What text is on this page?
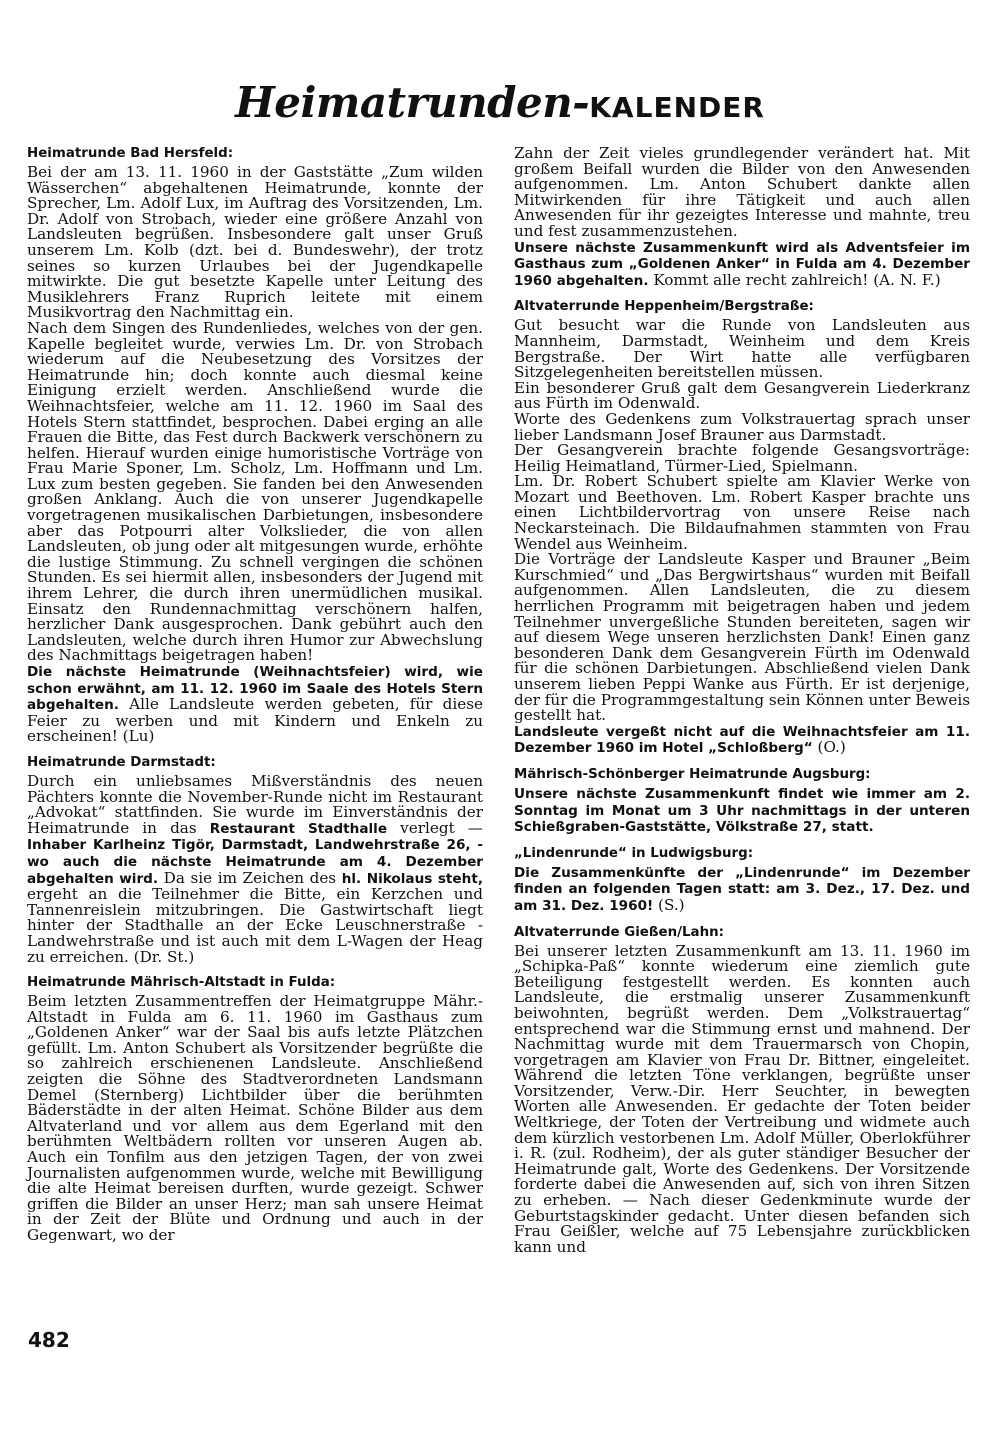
Heimatrunden-KALENDER
Heimatrunde Bad Hersfeld:

Bei der am 13. 11. 1960 in der Gaststätte „Zum wilden Wässerchen“ abgehaltenen Heimatrunde, konnte der Sprecher, Lm. Adolf Lux, im Auftrag des Vorsitzenden, Lm. Dr. Adolf von Strobach, wieder eine größere Anzahl von Landsleuten begrüßen. Insbesondere galt unser Gruß unserem Lm. Kolb (dzt. bei d. Bundeswehr), der trotz seines so kurzen Urlaubes bei der Jugendkapelle mitwirkte. Die gut besetzte Kapelle unter Leitung des Musiklehrers Franz Ruprich leitete mit einem Musikvortrag den Nachmittag ein.

Nach dem Singen des Rundenliedes, welches von der gen. Kapelle begleitet wurde, verwies Lm. Dr. von Strobach wiederum auf die Neubesetzung des Vorsitzes der Heimatrunde hin; doch konnte auch diesmal keine Einigung erzielt werden. Anschließend wurde die Weihnachtsfeier, welche am 11. 12. 1960 im Saal des Hotels Stern stattfindet, besprochen. Dabei erging an alle Frauen die Bitte, das Fest durch Backwerk verschönern zu helfen. Hierauf wurden einige humoristische Vorträge von Frau Marie Sponer, Lm. Scholz, Lm. Hoffmann und Lm. Lux zum besten gegeben. Sie fanden bei den Anwesenden großen Anklang. Auch die von unserer Jugendkapelle vorgetragenen musikalischen Darbietungen, insbesondere aber das Potpourri alter Volkslieder, die von allen Landsleuten, ob jung oder alt mitgesungen wurde, erhöhte die lustige Stimmung. Zu schnell vergingen die schönen Stunden. Es sei hiermit allen, insbesonders der Jugend mit ihrem Lehrer, die durch ihren unermüdlichen musikal. Einsatz den Rundennachmittag verschönern halfen, herzlicher Dank ausgesprochen. Dank gebührt auch den Landsleuten, welche durch ihren Humor zur Abwechslung des Nachmittags beigetragen haben!

Die nächste Heimatrunde (Weihnachtsfeier) wird, wie schon erwähnt, am 11. 12. 1960 im Saale des Hotels Stern abgehalten. Alle Landsleute werden gebeten, für diese Feier zu werben und mit Kindern und Enkeln zu erscheinen! (Lu)

Heimatrunde Darmstadt:

Durch ein unliebsames Mißverständnis des neuen Pächters konnte die November-Runde nicht im Restaurant „Advokat“ stattfinden. Sie wurde im Einverständnis der Heimatrunde in das Restaurant Stadthalle verlegt — Inhaber Karlheinz Tigör, Darmstadt, Landwehrstraße 26, - wo auch die nächste Heimatrunde am 4. Dezember abgehalten wird. Da sie im Zeichen des hl. Nikolaus steht, ergeht an die Teilnehmer die Bitte, ein Kerzchen und Tannenreislein mitzubringen. Die Gastwirtschaft liegt hinter der Stadthalle an der Ecke Leuschnerstraße - Landwehrstraße und ist auch mit dem L-Wagen der Heag zu erreichen. (Dr. St.)

Heimatrunde Mährisch-Altstadt in Fulda:

Beim letzten Zusammentreffen der Heimatgruppe Mähr.-Altstadt in Fulda am 6. 11. 1960 im Gasthaus zum „Goldenen Anker“ war der Saal bis aufs letzte Plätzchen gefüllt. Lm. Anton Schubert als Vorsitzender begrüßte die so zahlreich erschienenen Landsleute. Anschließend zeigten die Söhne des Stadtverordneten Landsmann Demel (Sternberg) Lichtbilder über die berühmten Bäderstädte in der alten Heimat. Schöne Bilder aus dem Altvaterland und vor allem aus dem Egerland mit den berühmten Weltbädern rollten vor unseren Augen ab. Auch ein Tonfilm aus den jetzigen Tagen, der von zwei Journalisten aufgenommen wurde, welche mit Bewilligung die alte Heimat bereisen durften, wurde gezeigt. Schwer griffen die Bilder an unser Herz; man sah unsere Heimat in der Zeit der Blüte und Ordnung und auch in der Gegenwart, wo der

Zahn der Zeit vieles grundlegender verändert hat. Mit großem Beifall wurden die Bilder von den Anwesenden aufgenommen. Lm. Anton Schubert dankte allen Mitwirkenden für ihre Tätigkeit und auch allen Anwesenden für ihr gezeigtes Interesse und mahnte, treu und fest zusammenzustehen.

Unsere nächste Zusammenkunft wird als Adventsfeier im Gasthaus zum „Goldenen Anker“ in Fulda am 4. Dezember 1960 abgehalten. Kommt alle recht zahlreich! (A. N. F.)

Altvaterrunde Heppenheim/Bergstraße:

Gut besucht war die Runde von Landsleuten aus Mannheim, Darmstadt, Weinheim und dem Kreis Bergstraße. Der Wirt hatte alle verfügbaren Sitzgelegenheiten bereitstellen müssen.

Ein besonderer Gruß galt dem Gesangverein Liederkranz aus Fürth im Odenwald.

Worte des Gedenkens zum Volkstrauertag sprach unser lieber Landsmann Josef Brauner aus Darmstadt.

Der Gesangverein brachte folgende Gesangsvorträge: Heilig Heimatland, Türmer-Lied, Spielmann.

Lm. Dr. Robert Schubert spielte am Klavier Werke von Mozart und Beethoven. Lm. Robert Kasper brachte uns einen Lichtbildervortrag von unsere Reise nach Neckarsteinach. Die Bildaufnahmen stammten von Frau Wendel aus Weinheim.

Die Vorträge der Landsleute Kasper und Brauner „Beim Kurschmied“ und „Das Bergwirtshaus“ wurden mit Beifall aufgenommen. Allen Landsleuten, die zu diesem herrlichen Programm mit beigetragen haben und jedem Teilnehmer unvergeßliche Stunden bereiteten, sagen wir auf diesem Wege unseren herzlichsten Dank! Einen ganz besonderen Dank dem Gesangverein Fürth im Odenwald für die schönen Darbietungen. Abschließend vielen Dank unserem lieben Peppi Wanke aus Fürth. Er ist derjenige, der für die Programmgestaltung sein Können unter Beweis gestellt hat.

Landsleute vergeßt nicht auf die Weihnachtsfeier am 11. Dezember 1960 im Hotel „Schloßberg“ (O.)

Mährisch-Schönberger Heimatrunde Augsburg:

Unsere nächste Zusammenkunft findet wie immer am 2. Sonntag im Monat um 3 Uhr nachmittags in der unteren Schießgraben-Gaststätte, Völkstraße 27, statt.

„Lindenrunde“ in Ludwigsburg:

Die Zusammenkünfte der „Lindenrunde“ im Dezember finden an folgenden Tagen statt: am 3. Dez., 17. Dez. und am 31. Dez. 1960! (S.)

Altvaterrunde Gießen/Lahn:

Bei unserer letzten Zusammenkunft am 13. 11. 1960 im „Schipka-Paß“ konnte wiederum eine ziemlich gute Beteiligung festgestellt werden. Es konnten auch Landsleute, die erstmalig unserer Zusammenkunft beiwohnten, begrüßt werden. Dem „Volkstrauertag“ entsprechend war die Stimmung ernst und mahnend. Der Nachmittag wurde mit dem Trauermarsch von Chopin, vorgetragen am Klavier von Frau Dr. Bittner, eingeleitet. Während die letzten Töne verklangen, begrüßte unser Vorsitzender, Verw.-Dir. Herr Seuchter, in bewegten Worten alle Anwesenden. Er gedachte der Toten beider Weltkriege, der Toten der Vertreibung und widmete auch dem kürzlich vestorbenen Lm. Adolf Müller, Oberlokführer i. R. (zul. Rodheim), der als guter ständiger Besucher der Heimatrunde galt, Worte des Gedenkens. Der Vorsitzende forderte dabei die Anwesenden auf, sich von ihren Sitzen zu erheben. — Nach dieser Gedenkminute wurde der Geburtstagskinder gedacht. Unter diesen befanden sich Frau Geißler, welche auf 75 Lebensjahre zurückblicken kann und

482
